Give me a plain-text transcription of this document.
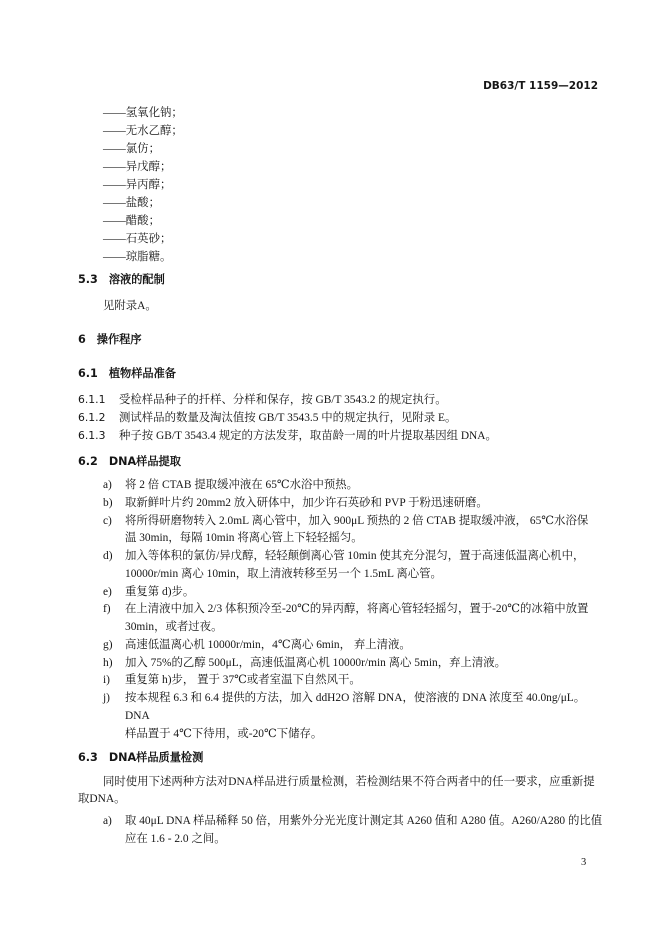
DB63/T 1159—2012
——氢氧化钠；
——无水乙醇；
——氯仿；
——异戊醇；
——异丙醇；
——盐酸；
——醋酸；
——石英砂；
——琼脂糖。
5.3 溶液的配制
见附录A。
6 操作程序
6.1 植物样品准备
6.1.1	受检样品种子的扦样、分样和保存，按 GB/T 3543.2 的规定执行。
6.1.2	测试样品的数量及淘汰值按 GB/T 3543.5 中的规定执行，见附录 E。
6.1.3	种子按 GB/T 3543.4 规定的方法发芽，取苗龄一周的叶片提取基因组 DNA。
6.2 DNA样品提取
a)	将 2 倍 CTAB 提取缓冲液在 65℃水浴中预热。
b)	取新鲜叶片约 20mm2 放入研体中，加少许石英砂和 PVP 于粉迅速研磨。
c)	将所得研磨物转入 2.0mL 离心管中，加入 900μL 预热的 2 倍 CTAB 提取缓冲液， 65℃水浴保
温 30min，每隔 10min 将离心管上下轻轻摇匀。
d)	加入等体积的氯仿/异戊醇，轻轻颠倒离心管 10min 使其充分混匀，置于高速低温离心机中，
10000r/min 离心 10min，取上清液转移至另一个 1.5mL 离心管。
e)	重复第 d)步。
f)	在上清液中加入 2/3 体积预冷至-20℃的异丙醇，将离心管轻轻摇匀，置于-20℃的冰箱中放置
30min，或者过夜。
g)	高速低温离心机 10000r/min，4℃离心 6min， 弃上清液。
h)	加入 75%的乙醇 500μL，高速低温离心机 10000r/min 离心 5min，弃上清液。
i)	重复第 h)步， 置于 37℃或者室温下自然风干。
j)	按本规程 6.3 和 6.4 提供的方法，加入 ddH2O 溶解 DNA，使溶液的 DNA 浓度至 40.0ng/μL。DNA
样品置于 4℃下待用，或-20℃下储存。
6.3 DNA样品质量检测
同时使用下述两种方法对DNA样品进行质量检测，若检测结果不符合两者中的任一要求，应重新提
取DNA。
a)	取 40μL DNA 样品稀释 50 倍，用紫外分光光度计测定其 A260 值和 A280 值。A260/A280 的比值
应在 1.6 - 2.0 之间。
3
